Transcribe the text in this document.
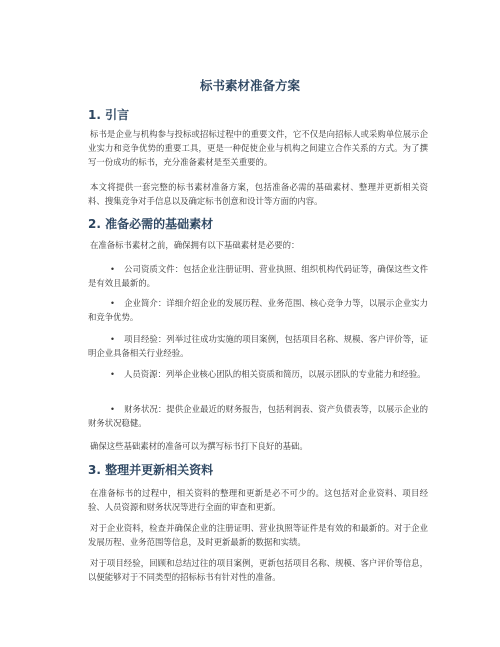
标书素材准备方案
1. 引言

标书是企业与机构参与投标或招标过程中的重要文件，它不仅是向招标人或采购单位展示企业实力和竞争优势的重要工具，更是一种促使企业与机构之间建立合作关系的方式。为了撰写一份成功的标书，充分准备素材是至关重要的。

本文将提供一套完整的标书素材准备方案，包括准备必需的基础素材、整理并更新相关资料、搜集竞争对手信息以及确定标书创意和设计等方面的内容。

2. 准备必需的基础素材

在准备标书素材之前，确保拥有以下基础素材是必要的：

• 公司资质文件：包括企业注册证明、营业执照、组织机构代码证等，确保这些文件是有效且最新的。

• 企业简介：详细介绍企业的发展历程、业务范围、核心竞争力等，以展示企业实力和竞争优势。

• 项目经验：列举过往成功实施的项目案例，包括项目名称、规模、客户评价等，证明企业具备相关行业经验。

• 人员资源：列举企业核心团队的相关资质和简历，以展示团队的专业能力和经验。

• 财务状况：提供企业最近的财务报告，包括利润表、资产负债表等，以展示企业的财务状况稳健。

确保这些基础素材的准备可以为撰写标书打下良好的基础。

3. 整理并更新相关资料

在准备标书的过程中，相关资料的整理和更新是必不可少的。这包括对企业资料、项目经验、人员资源和财务状况等进行全面的审查和更新。

对于企业资料，检查并确保企业的注册证明、营业执照等证件是有效的和最新的。对于企业发展历程、业务范围等信息，及时更新最新的数据和实绩。

对于项目经验，回顾和总结过往的项目案例，更新包括项目名称、规模、客户评价等信息，以便能够对于不同类型的招标标书有针对性的准备。
